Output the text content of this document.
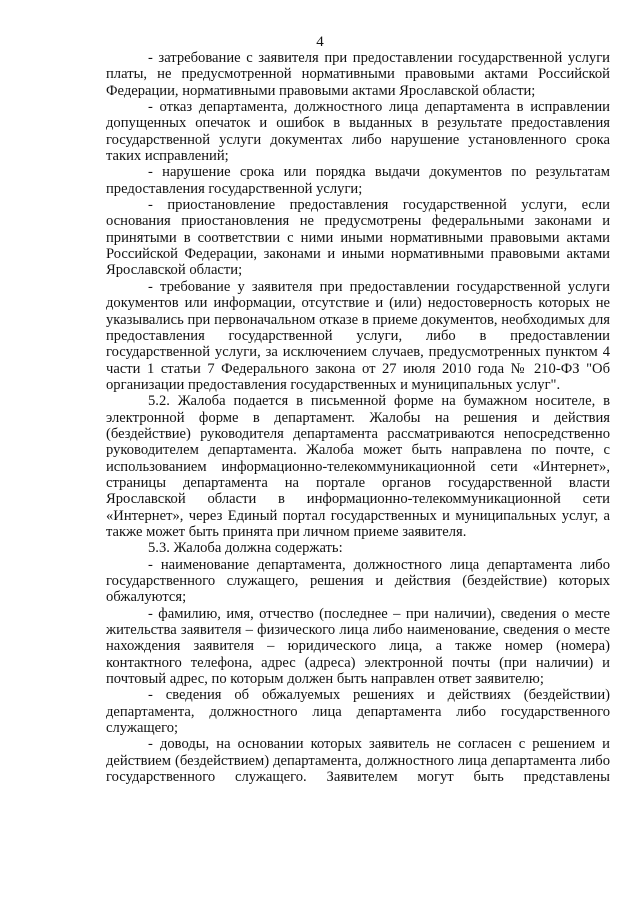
4

- затребование с заявителя при предоставлении государственной услуги платы, не предусмотренной нормативными правовыми актами Российской Федерации, нормативными правовыми актами Ярославской области;

- отказ департамента, должностного лица департамента в исправлении допущенных опечаток и ошибок в выданных в результате предоставления государственной услуги документах либо нарушение установленного срока таких исправлений;

- нарушение срока или порядка выдачи документов по результатам предоставления государственной услуги;

- приостановление предоставления государственной услуги, если основания приостановления не предусмотрены федеральными законами и принятыми в соответствии с ними иными нормативными правовыми актами Российской Федерации, законами и иными нормативными правовыми актами Ярославской области;

- требование у заявителя при предоставлении государственной услуги документов или информации, отсутствие и (или) недостоверность которых не указывались при первоначальном отказе в приеме документов, необходимых для предоставления государственной услуги, либо в предоставлении государственной услуги, за исключением случаев, предусмотренных пунктом 4 части 1 статьи 7 Федерального закона от 27 июля 2010 года № 210-ФЗ "Об организации предоставления государственных и муниципальных услуг".

5.2. Жалоба подается в письменной форме на бумажном носителе, в электронной форме в департамент. Жалобы на решения и действия (бездействие) руководителя департамента рассматриваются непосредственно руководителем департамента. Жалоба может быть направлена по почте, с использованием информационно-телекоммуникационной сети «Интернет», страницы департамента на портале органов государственной власти Ярославской области в информационно-телекоммуникационной сети «Интернет», через Единый портал государственных и муниципальных услуг, а также может быть принята при личном приеме заявителя.

5.3. Жалоба должна содержать:

- наименование департамента, должностного лица департамента либо государственного служащего, решения и действия (бездействие) которых обжалуются;

- фамилию, имя, отчество (последнее – при наличии), сведения о месте жительства заявителя – физического лица либо наименование, сведения о месте нахождения заявителя – юридического лица, а также номер (номера) контактного телефона, адрес (адреса) электронной почты (при наличии) и почтовый адрес, по которым должен быть направлен ответ заявителю;

- сведения об обжалуемых решениях и действиях (бездействии) департамента, должностного лица департамента либо государственного служащего;

- доводы, на основании которых заявитель не согласен с решением и действием (бездействием) департамента, должностного лица департамента либо государственного служащего. Заявителем могут быть представлены
